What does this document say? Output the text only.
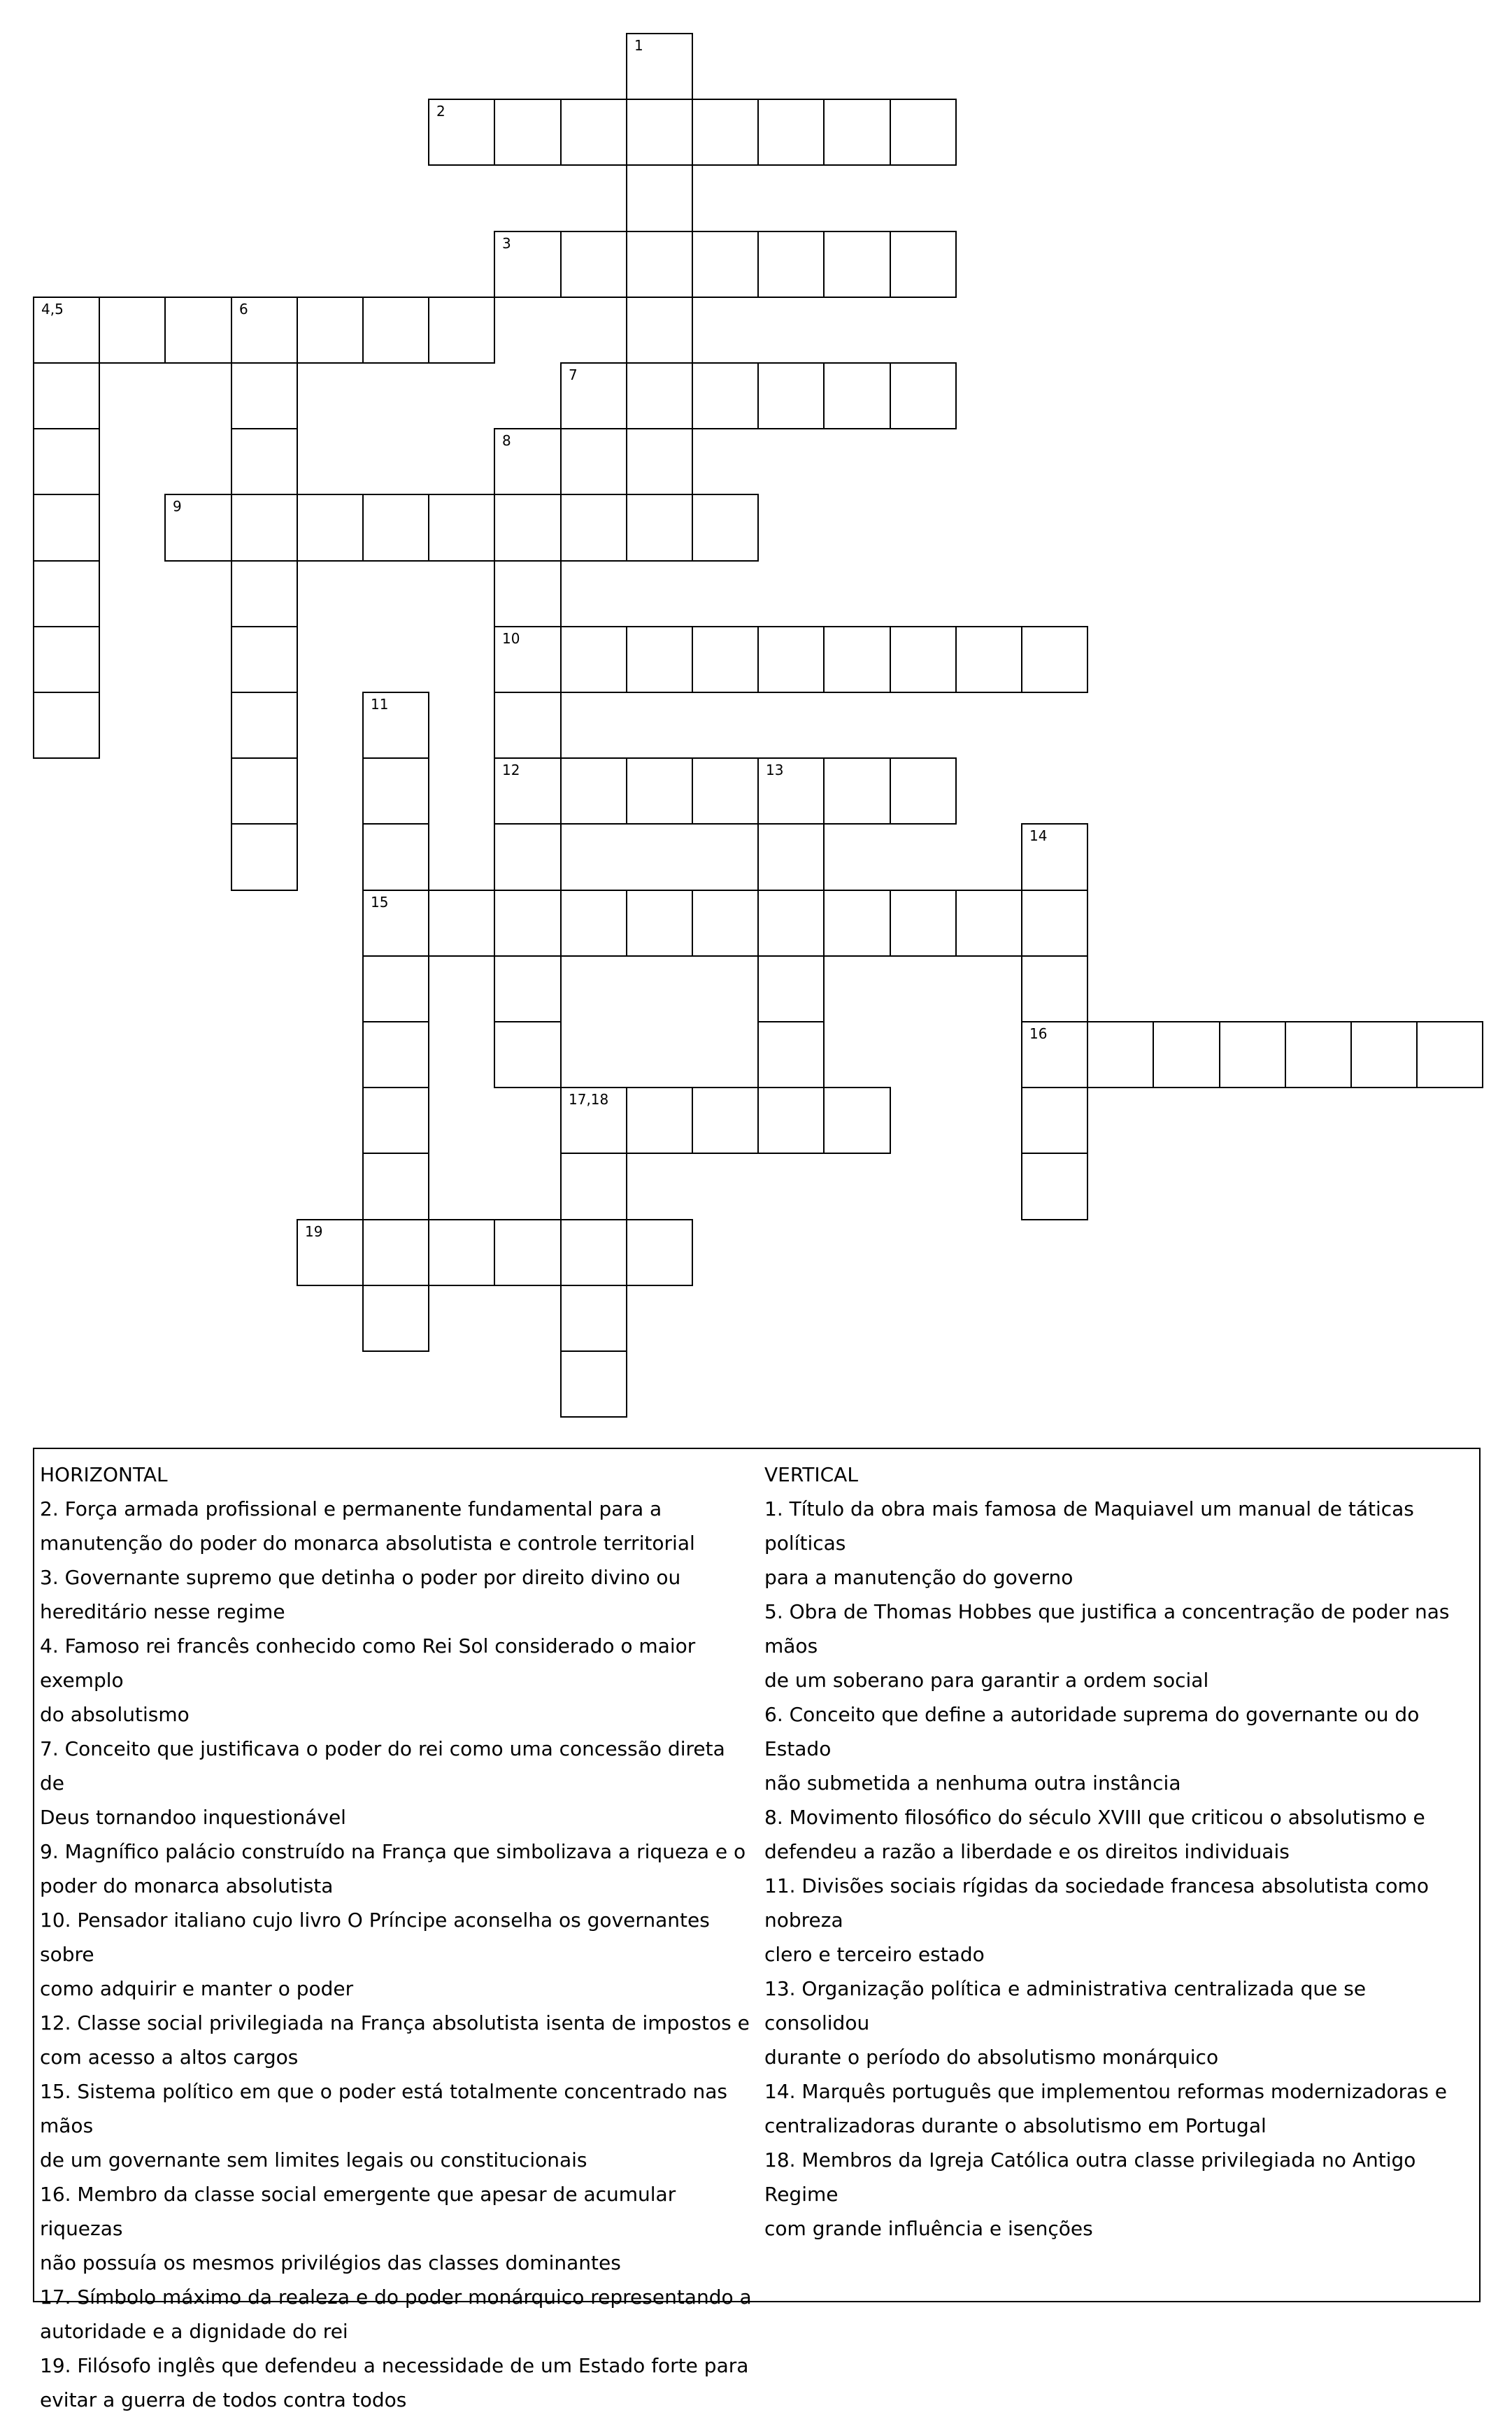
1
2
3
4,5	6
7
8
9
10
11
12	13
14
15
16
17,18
19

HORIZONTAL

2. Força armada profissional e permanente fundamental para a

manutenção do poder do monarca absolutista e controle territorial

3. Governante supremo que detinha o poder por direito divino ou

hereditário nesse regime

4. Famoso rei francês conhecido como Rei Sol considerado o maior exemplo

do absolutismo

7. Conceito que justificava o poder do rei como uma concessão direta de

Deus tornandoo inquestionável

9. Magnífico palácio construído na França que simbolizava a riqueza e o

poder do monarca absolutista

10. Pensador italiano cujo livro O Príncipe aconselha os governantes sobre

como adquirir e manter o poder

12. Classe social privilegiada na França absolutista isenta de impostos e

com acesso a altos cargos

15. Sistema político em que o poder está totalmente concentrado nas mãos

de um governante sem limites legais ou constitucionais

16. Membro da classe social emergente que apesar de acumular riquezas

não possuía os mesmos privilégios das classes dominantes

17. Símbolo máximo da realeza e do poder monárquico representando a

autoridade e a dignidade do rei

19. Filósofo inglês que defendeu a necessidade de um Estado forte para

evitar a guerra de todos contra todos

VERTICAL

1. Título da obra mais famosa de Maquiavel um manual de táticas políticas

para a manutenção do governo

5. Obra de Thomas Hobbes que justifica a concentração de poder nas mãos

de um soberano para garantir a ordem social

6. Conceito que define a autoridade suprema do governante ou do Estado

não submetida a nenhuma outra instância

8. Movimento filosófico do século XVIII que criticou o absolutismo e

defendeu a razão a liberdade e os direitos individuais

11. Divisões sociais rígidas da sociedade francesa absolutista como nobreza

clero e terceiro estado

13. Organização política e administrativa centralizada que se consolidou

durante o período do absolutismo monárquico

14. Marquês português que implementou reformas modernizadoras e

centralizadoras durante o absolutismo em Portugal

18. Membros da Igreja Católica outra classe privilegiada no Antigo Regime

com grande influência e isenções
